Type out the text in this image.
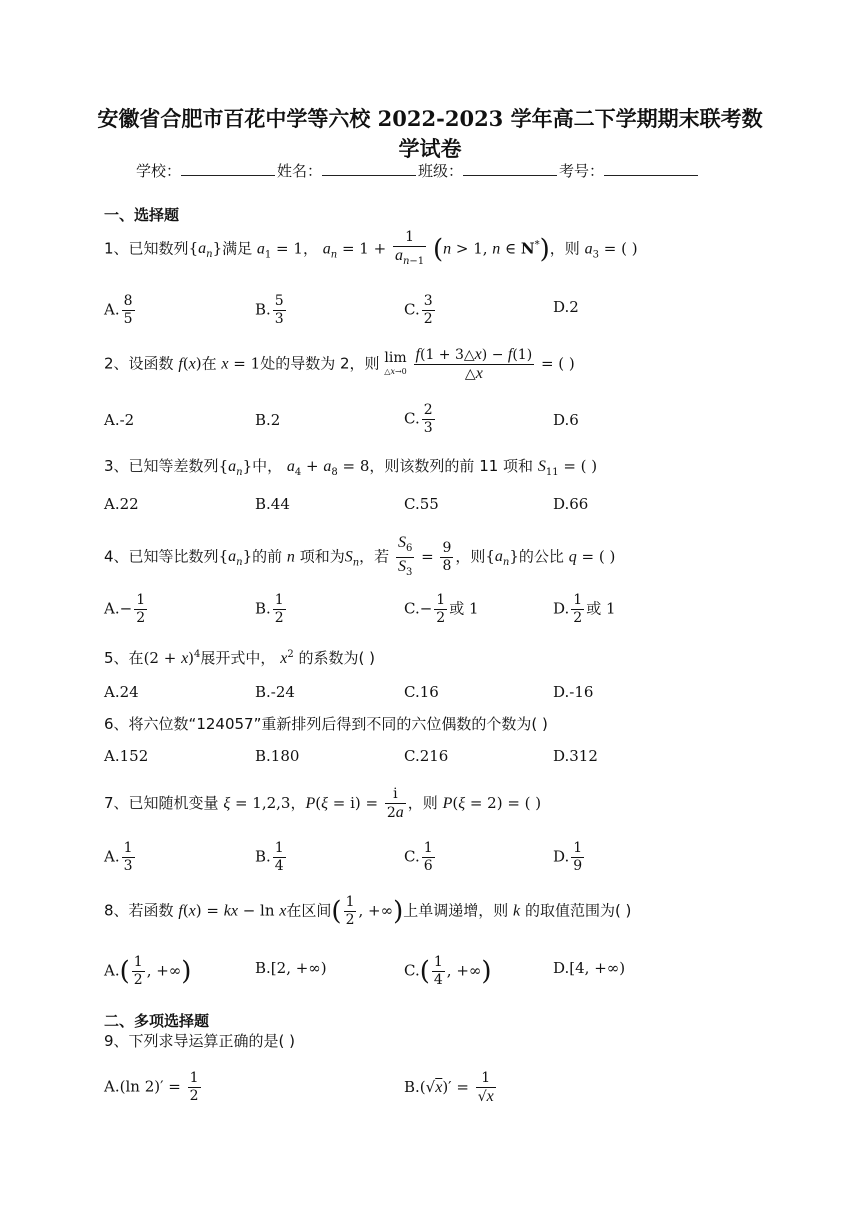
安徽省合肥市百花中学等六校 2022-2023 学年高二下学期期末联考数
学试卷
学校：	姓名：	班级：	考号：
一、选择题
1、已知数列$\{a_n\}$满足 $a_1 = 1$， $a_n = 1 + \frac{1}{a_{n-1}} (n > 1$, n ∈ N*)，则 $a_3$ = ( )
A. $\frac{8}{5}$	B. $\frac{5}{3}$	C. $\frac{3}{2}$	D.2
2、设函数 f(x)在 x = 1处的导数为 2，则 lim
△x→0
$\frac{f(1 + 3\triangle x) - f(1)}{\triangle x}$ = ( )
A.-2	B.2	C. $\frac{2}{3}$	D.6
3、已知等差数列$\{a_n\}$中， $a_4 + a_8 = 8$，则该数列的前 11 项和 $S_{11}$ = ( )
A.22	B.44	C.55	D.66
4、已知等比数列$\{a_n\}$的前 n 项和为$S_n$，若 $\frac{S_6}{S_3} = \frac{9}{8}$ ，则$\{a_n\}$的公比 q = ( )
$A.- \frac{1}{2}$	B. $\frac{1}{2}$	$C.- \frac{1}{2}$ 或 1	D. $\frac{1}{2}$ 或 1
5、在$(2 + x)^4$展开式中， $x^2$ 的系数为( )
A.24	B.-24	C.16	D.-16
6、将六位数“124057”重新排列后得到不同的六位偶数的个数为( )
A.152	B.180	C.216	D.312
7、已知随机变量 ξ = 1,2,3，$P(\xi = i) = \frac{i}{2a}$ ，则 P(ξ = 2) = ( )
A. $\frac{1}{3}$	B. $\frac{1}{4}$	C. $\frac{1}{6}$	D. $\frac{1}{9}$
8、若函数 f(x) = kx − ln x在区间( $\frac{1}{2}$ , +∞)上单调递增，则 k 的取值范围为( )
$A.( \frac{1}{2}$ , +∞)	B.[2, +∞)	$C.( \frac{1}{4}$ , +∞)	D.[4, +∞)
二、多项选择题
9、下列求导运算正确的是( )
A.(ln $2)' = \frac{1}{2}$	$B.(√x)' = \frac{1}{√x}$
